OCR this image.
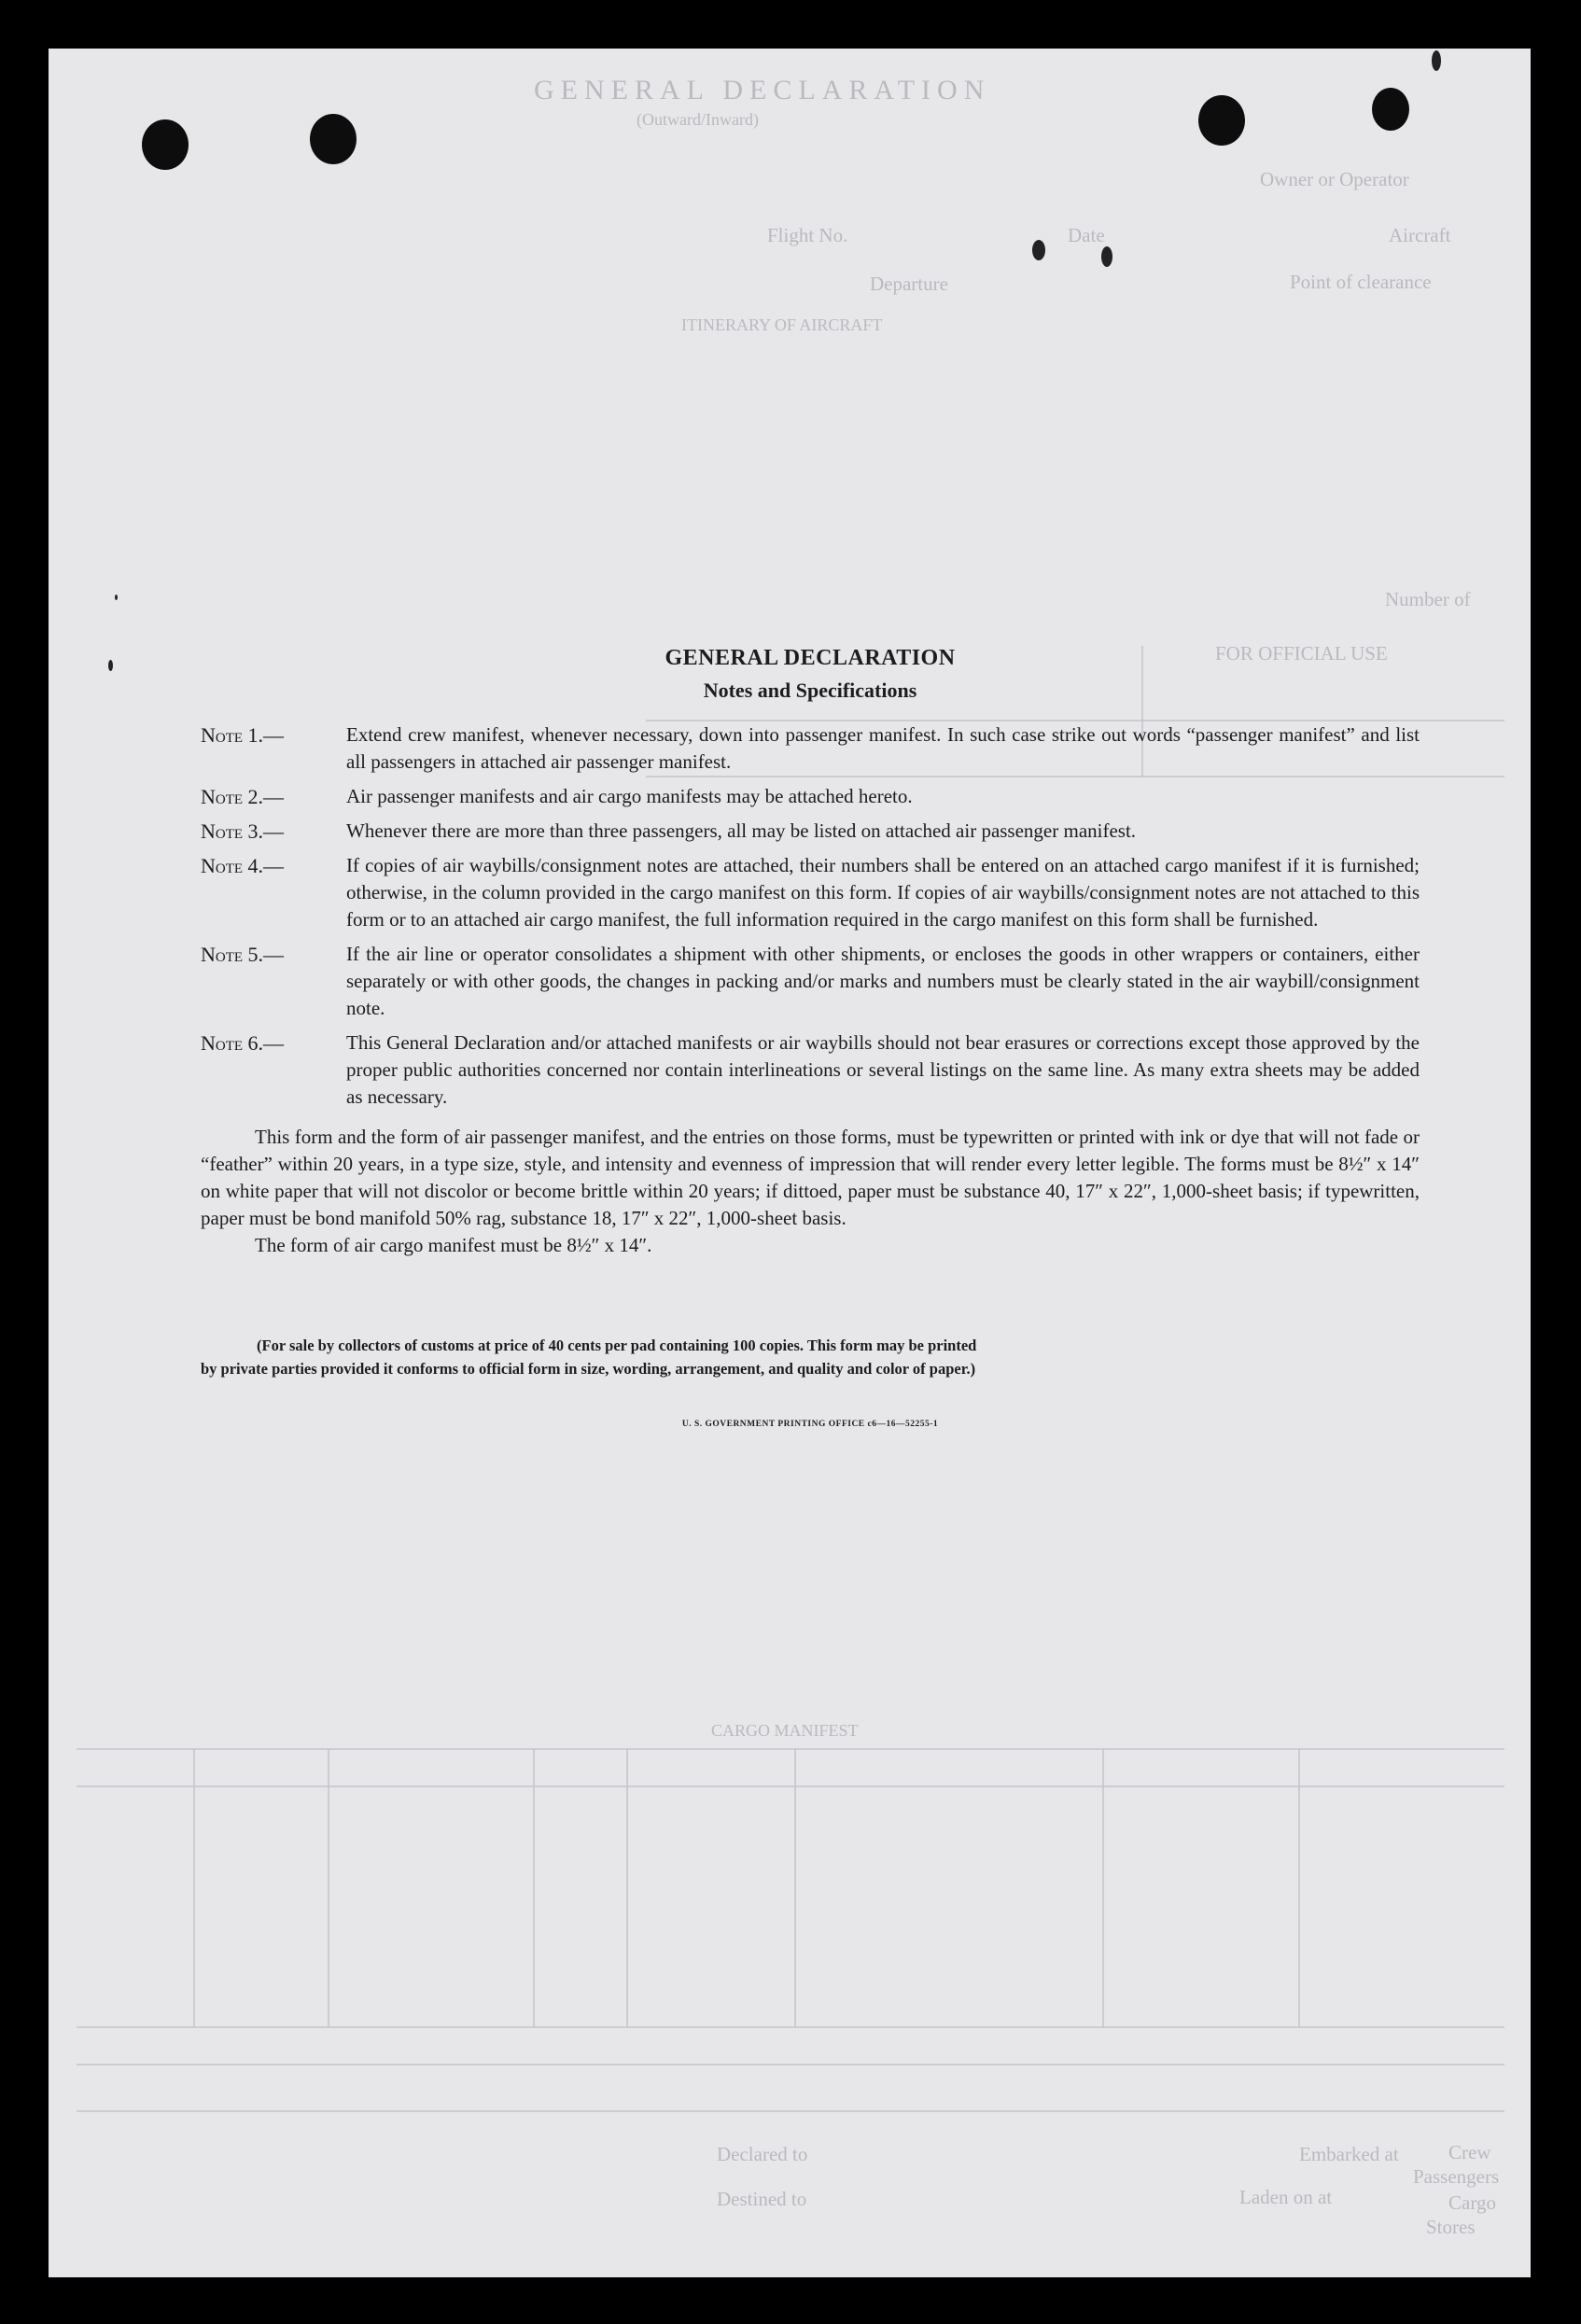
GENERAL DECLARATION
(Outward/Inward)
Owner or Operator
Aircraft
Point of clearance
Date
Flight No.
Departure
ITINERARY OF AIRCRAFT
Number of
FOR OFFICIAL USE
CARGO MANIFEST
Crew
Passengers
Cargo
Stores
Embarked at
Laden on at
Destined to
Declared to
GENERAL DECLARATION
Notes and Specifications
Note 1.—	Extend crew manifest, whenever necessary, down into passenger manifest. In such case strike out words “passenger manifest” and list all passengers in attached air passenger manifest.
Note 2.—	Air passenger manifests and air cargo manifests may be attached hereto.
Note 3.—	Whenever there are more than three passengers, all may be listed on attached air passenger manifest.
Note 4.—	If copies of air waybills/consignment notes are attached, their numbers shall be entered on an attached cargo manifest if it is furnished; otherwise, in the column provided in the cargo manifest on this form. If copies of air waybills/consignment notes are not attached to this form or to an attached air cargo manifest, the full information required in the cargo manifest on this form shall be furnished.
Note 5.—	If the air line or operator consolidates a shipment with other shipments, or encloses the goods in other wrappers or containers, either separately or with other goods, the changes in packing and/or marks and numbers must be clearly stated in the air waybill/consignment note.
Note 6.—	This General Declaration and/or attached manifests or air waybills should not bear erasures or corrections except those approved by the proper public authorities concerned nor contain interlineations or several listings on the same line. As many extra sheets may be added as necessary.

This form and the form of air passenger manifest, and the entries on those forms, must be typewritten or printed with ink or dye that will not fade or “feather” within 20 years, in a type size, style, and intensity and evenness of impression that will render every letter legible. The forms must be 8½″ x 14″ on white paper that will not discolor or become brittle within 20 years; if dittoed, paper must be substance 40, 17″ x 22″, 1,000-sheet basis; if typewritten, paper must be bond manifold 50% rag, substance 18, 17″ x 22″, 1,000-sheet basis.

The form of air cargo manifest must be 8½″ x 14″.

(For sale by collectors of customs at price of 40 cents per pad containing 100 copies. This form may be printed
by private parties provided it conforms to official form in size, wording, arrangement, and quality and color of paper.)
U. S. GOVERNMENT PRINTING OFFICE c6—16—52255-1
